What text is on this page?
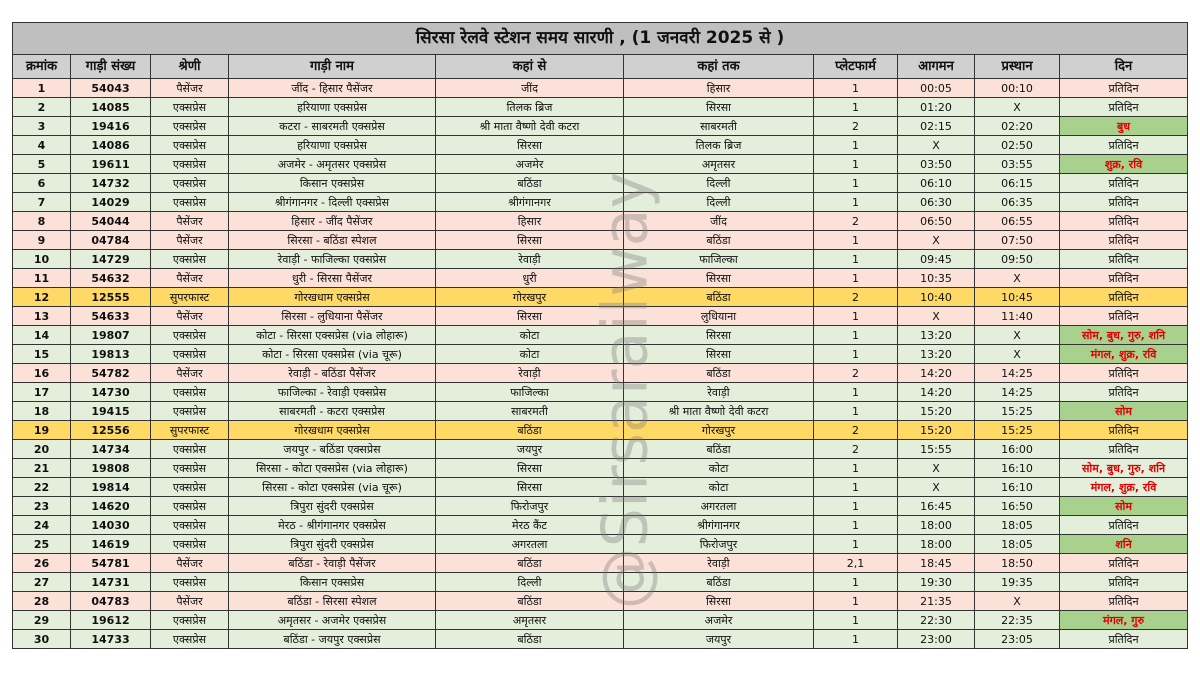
सिरसा रेलवे स्टेशन समय सारणी , (1 जनवरी 2025 से )									
क्रमांक	गाड़ी संख्य	श्रेणी	गाड़ी नाम	कहां से	कहां तक	प्लेटफार्म	आगमन	प्रस्थान	दिन
1	54043	पैसेंजर	जींद - हिसार पैसेंजर	जींद	हिसार	1	00:05	00:10	प्रतिदिन
2	14085	एक्सप्रेस	हरियाणा एक्सप्रेस	तिलक ब्रिज	सिरसा	1	01:20	X	प्रतिदिन
3	19416	एक्सप्रेस	कटरा - साबरमती एक्सप्रेस	श्री माता वैष्णो देवी कटरा	साबरमती	2	02:15	02:20	बुध
4	14086	एक्सप्रेस	हरियाणा एक्सप्रेस	सिरसा	तिलक ब्रिज	1	X	02:50	प्रतिदिन
5	19611	एक्सप्रेस	अजमेर - अमृतसर एक्सप्रेस	अजमेर	अमृतसर	1	03:50	03:55	शुक्र, रवि
6	14732	एक्सप्रेस	किसान एक्सप्रेस	बठिंडा	दिल्ली	1	06:10	06:15	प्रतिदिन
7	14029	एक्सप्रेस	श्रीगंगानगर - दिल्ली एक्सप्रेस	श्रीगंगानगर	दिल्ली	1	06:30	06:35	प्रतिदिन
8	54044	पैसेंजर	हिसार - जींद पैसेंजर	हिसार	जींद	2	06:50	06:55	प्रतिदिन
9	04784	पैसेंजर	सिरसा - बठिंडा स्पेशल	सिरसा	बठिंडा	1	X	07:50	प्रतिदिन
10	14729	एक्सप्रेस	रेवाड़ी - फाजिल्का एक्सप्रेस	रेवाड़ी	फाजिल्का	1	09:45	09:50	प्रतिदिन
11	54632	पैसेंजर	धुरी - सिरसा पैसेंजर	धुरी	सिरसा	1	10:35	X	प्रतिदिन
12	12555	सुपरफास्ट	गोरखधाम एक्सप्रेस	गोरखपुर	बठिंडा	2	10:40	10:45	प्रतिदिन
13	54633	पैसेंजर	सिरसा - लुधियाना पैसेंजर	सिरसा	लुधियाना	1	X	11:40	प्रतिदिन
14	19807	एक्सप्रेस	कोटा - सिरसा एक्सप्रेस (via लोहारू)	कोटा	सिरसा	1	13:20	X	सोम, बुध, गुरु, शनि
15	19813	एक्सप्रेस	कोटा - सिरसा एक्सप्रेस (via चूरू)	कोटा	सिरसा	1	13:20	X	मंगल, शुक्र, रवि
16	54782	पैसेंजर	रेवाड़ी - बठिंडा पैसेंजर	रेवाड़ी	बठिंडा	2	14:20	14:25	प्रतिदिन
17	14730	एक्सप्रेस	फाजिल्का - रेवाड़ी एक्सप्रेस	फाजिल्का	रेवाड़ी	1	14:20	14:25	प्रतिदिन
18	19415	एक्सप्रेस	साबरमती - कटरा एक्सप्रेस	साबरमती	श्री माता वैष्णो देवी कटरा	1	15:20	15:25	सोम
19	12556	सुपरफास्ट	गोरखधाम एक्सप्रेस	बठिंडा	गोरखपुर	2	15:20	15:25	प्रतिदिन
20	14734	एक्सप्रेस	जयपुर - बठिंडा एक्सप्रेस	जयपुर	बठिंडा	2	15:55	16:00	प्रतिदिन
21	19808	एक्सप्रेस	सिरसा - कोटा एक्सप्रेस (via लोहारू)	सिरसा	कोटा	1	X	16:10	सोम, बुध, गुरु, शनि
22	19814	एक्सप्रेस	सिरसा - कोटा एक्सप्रेस (via चूरू)	सिरसा	कोटा	1	X	16:10	मंगल, शुक्र, रवि
23	14620	एक्सप्रेस	त्रिपुरा सुंदरी एक्सप्रेस	फिरोजपुर	अगरतला	1	16:45	16:50	सोम
24	14030	एक्सप्रेस	मेरठ - श्रीगंगानगर एक्सप्रेस	मेरठ कैंट	श्रीगंगानगर	1	18:00	18:05	प्रतिदिन
25	14619	एक्सप्रेस	त्रिपुरा सुंदरी एक्सप्रेस	अगरतला	फिरोजपुर	1	18:00	18:05	शनि
26	54781	पैसेंजर	बठिंडा - रेवाड़ी पैसेंजर	बठिंडा	रेवाड़ी	2,1	18:45	18:50	प्रतिदिन
27	14731	एक्सप्रेस	किसान एक्सप्रेस	दिल्ली	बठिंडा	1	19:30	19:35	प्रतिदिन
28	04783	पैसेंजर	बठिंडा - सिरसा स्पेशल	बठिंडा	सिरसा	1	21:35	X	प्रतिदिन
29	19612	एक्सप्रेस	अमृतसर - अजमेर एक्सप्रेस	अमृतसर	अजमेर	1	22:30	22:35	मंगल, गुरु
30	14733	एक्सप्रेस	बठिंडा - जयपुर एक्सप्रेस	बठिंडा	जयपुर	1	23:00	23:05	प्रतिदिन
@Sirsarailway
